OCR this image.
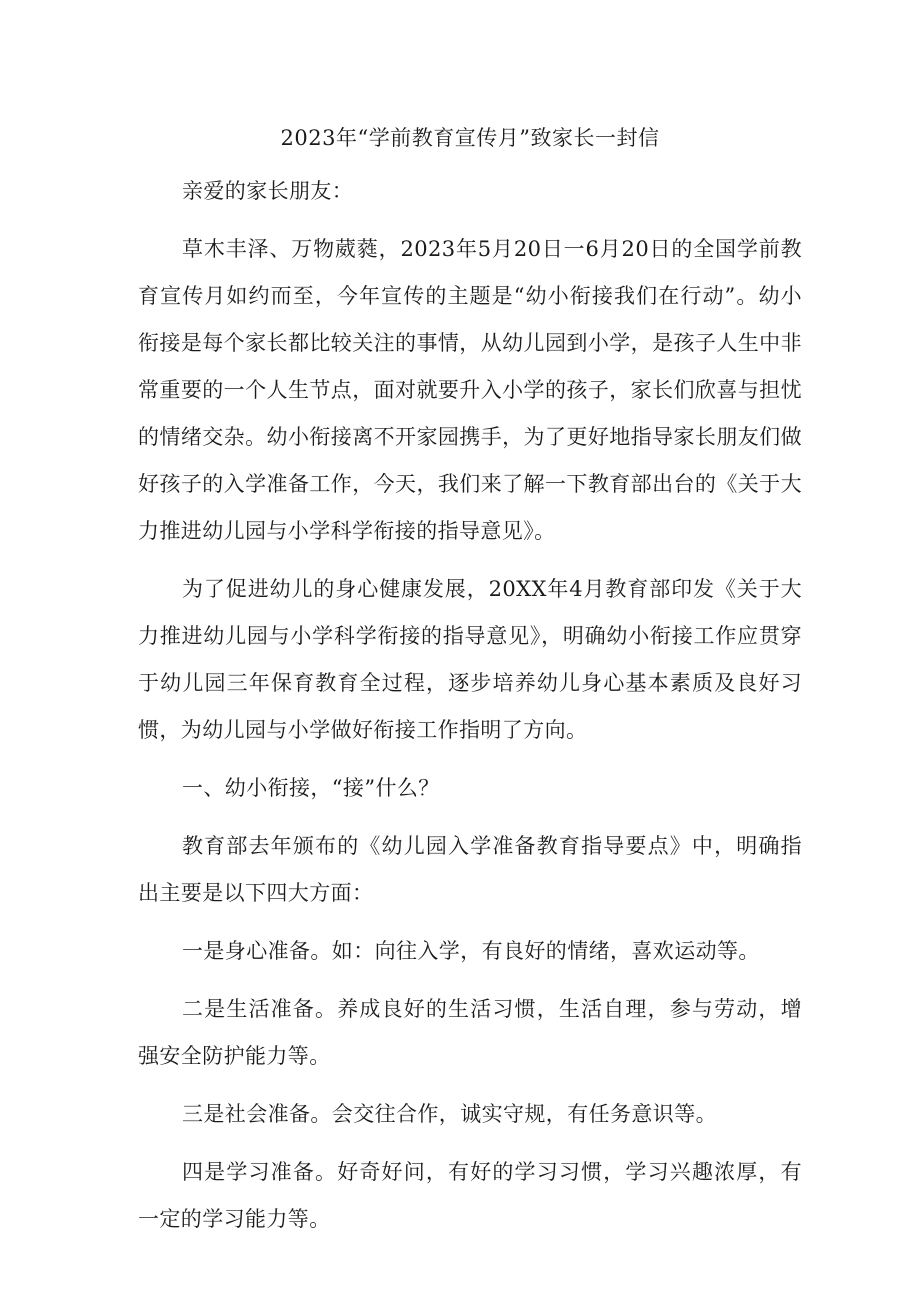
2023年“学前教育宣传月”致家长一封信

亲爱的家长朋友：

草木丰泽、万物葳蕤，2023年5月20日一6月20日的全国学前教育宣传月如约而至，今年宣传的主题是“幼小衔接我们在行动”。幼小衔接是每个家长都比较关注的事情，从幼儿园到小学，是孩子人生中非常重要的一个人生节点，面对就要升入小学的孩子，家长们欣喜与担忧的情绪交杂。幼小衔接离不开家园携手，为了更好地指导家长朋友们做好孩子的入学准备工作，今天，我们来了解一下教育部出台的《关于大力推进幼儿园与小学科学衔接的指导意见》。

为了促进幼儿的身心健康发展，20XX年4月教育部印发《关于大力推进幼儿园与小学科学衔接的指导意见》，明确幼小衔接工作应贯穿于幼儿园三年保育教育全过程，逐步培养幼儿身心基本素质及良好习惯，为幼儿园与小学做好衔接工作指明了方向。

一、幼小衔接，“接”什么？

教育部去年颁布的《幼儿园入学准备教育指导要点》中，明确指出主要是以下四大方面：

一是身心准备。如：向往入学，有良好的情绪，喜欢运动等。

二是生活准备。养成良好的生活习惯，生活自理，参与劳动，增强安全防护能力等。

三是社会准备。会交往合作，诚实守规，有任务意识等。

四是学习准备。好奇好问，有好的学习习惯，学习兴趣浓厚，有一定的学习能力等。
